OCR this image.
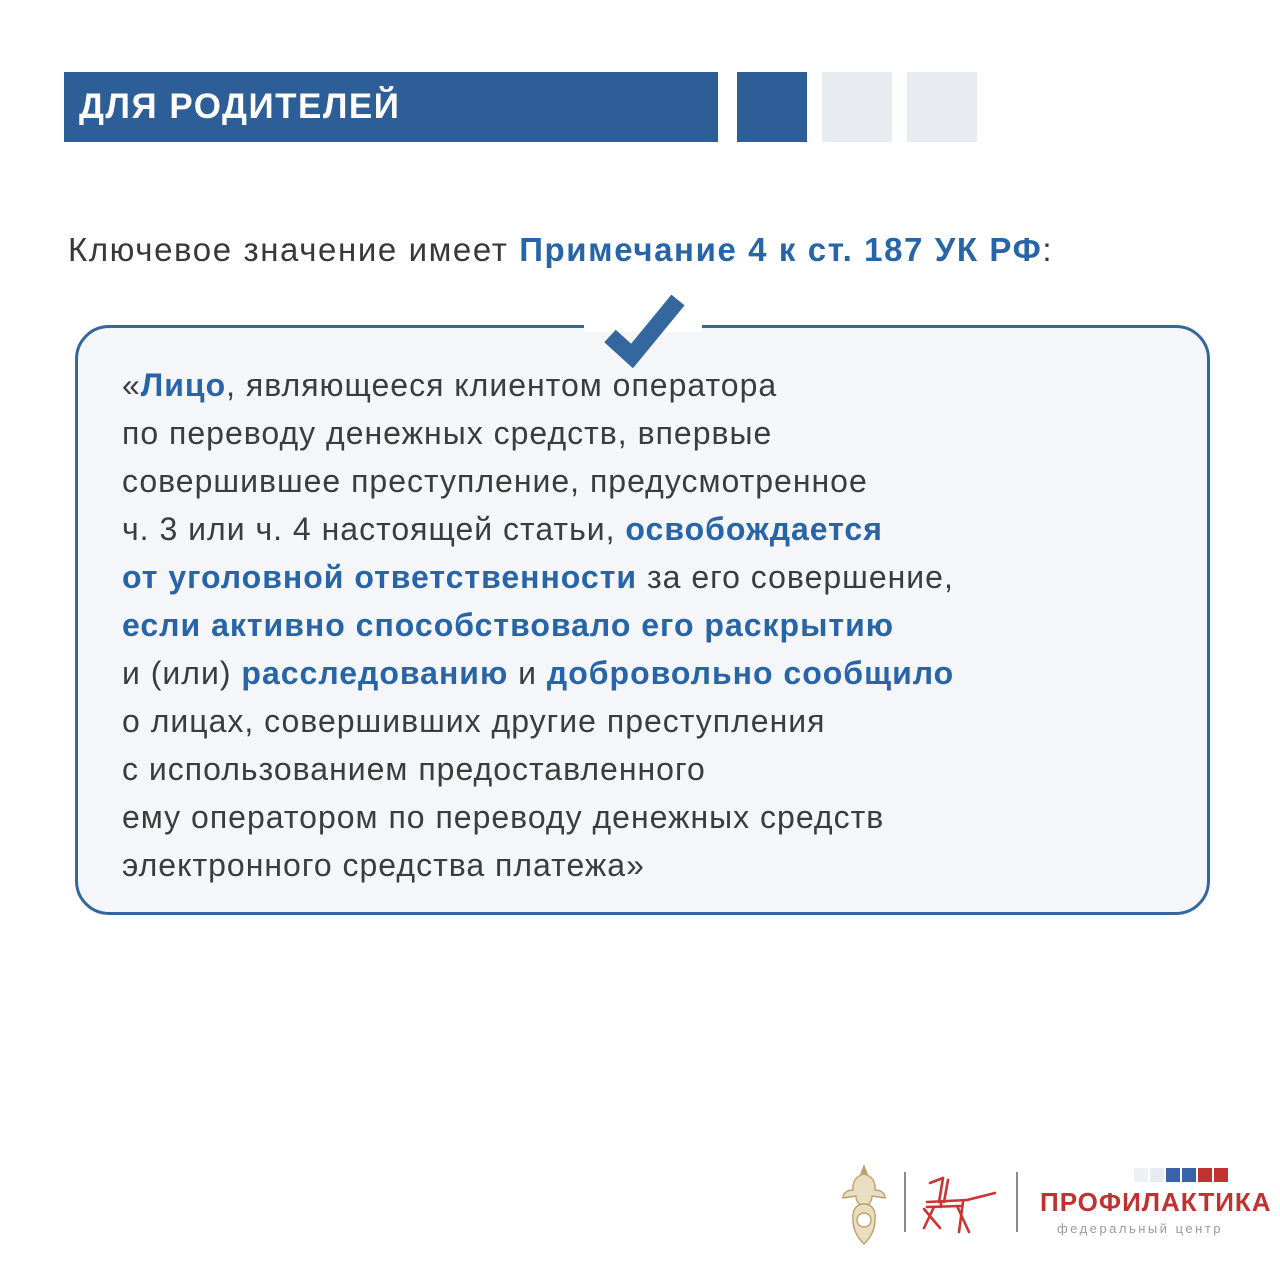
ДЛЯ РОДИТЕЛЕЙ
Ключевое значение имеет Примечание 4 к ст. 187 УК РФ:
«Лицо, являющееся клиентом оператора
по переводу денежных средств, впервые
совершившее преступление, предусмотренное
ч. 3 или ч. 4 настоящей статьи, освобождается
от уголовной ответственности за его совершение,
если активно способствовало его раскрытию
и (или) расследованию и добровольно сообщило
о лицах, совершивших другие преступления
с использованием предоставленного
ему оператором по переводу денежных средств
электронного средства платежа»
ПРОФИЛАКТИКА
федеральный центр
